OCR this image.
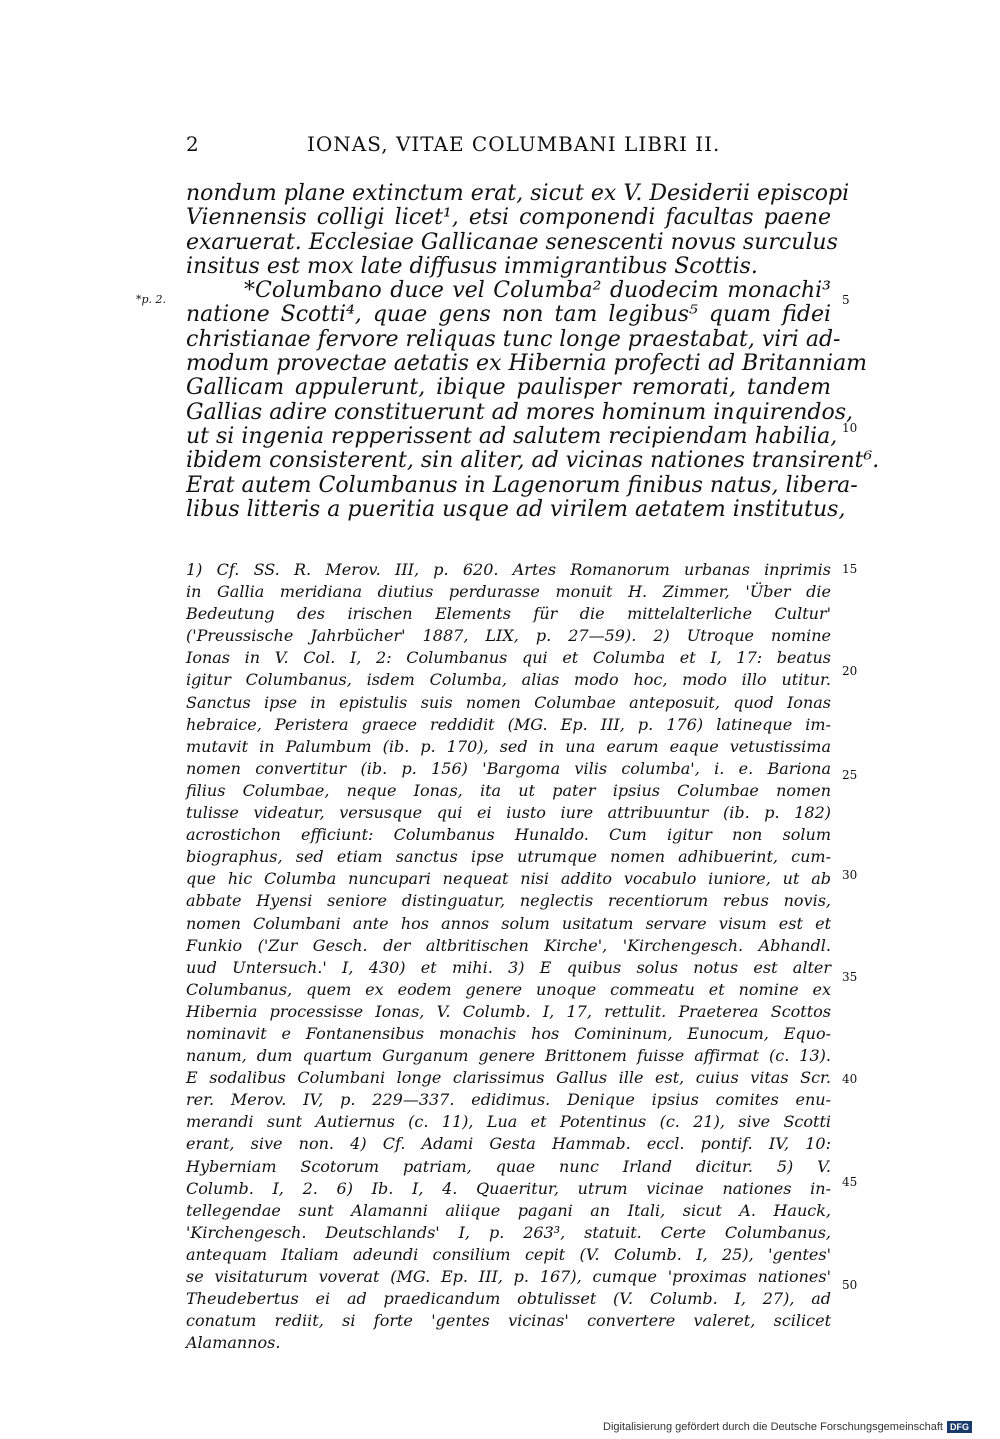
2	IONAS, VITAE COLUMBANI LIBRI II.
*p. 2.
nondum plane extinctum erat, sicut ex V. Desiderii episcopi
Viennensis colligi licet¹, etsi componendi facultas paene
exaruerat. Ecclesiae Gallicanae senescenti novus surculus
insitus est mox late diffusus immigrantibus Scottis.
*Columbano duce vel Columba² duodecim monachi³
natione Scotti⁴, quae gens non tam legibus⁵ quam fidei
christianae fervore reliquas tunc longe praestabat, viri ad-
modum provectae aetatis ex Hibernia profecti ad Britanniam
Gallicam appulerunt, ibique paulisper remorati, tandem
Gallias adire constituerunt ad mores hominum inquirendos,
ut si ingenia repperissent ad salutem recipiendam habilia,
ibidem consisterent, sin aliter, ad vicinas nationes transirent⁶.
Erat autem Columbanus in Lagenorum finibus natus, libera-
libus litteris a pueritia usque ad virilem aetatem institutus,
1) Cf. SS. R. Merov. III, p. 620. Artes Romanorum urbanas inprimis
in Gallia meridiana diutius perdurasse monuit H. Zimmer, 'Über die
Bedeutung des irischen Elements für die mittelalterliche Cultur'
('Preussische Jahrbücher' 1887, LIX, p. 27—59). 2) Utroque nomine
Ionas in V. Col. I, 2: Columbanus qui et Columba et I, 17: beatus
igitur Columbanus, isdem Columba, alias modo hoc, modo illo utitur.
Sanctus ipse in epistulis suis nomen Columbae anteposuit, quod Ionas
hebraice, Peristera graece reddidit (MG. Ep. III, p. 176) latineque im-
mutavit in Palumbum (ib. p. 170), sed in una earum eaque vetustissima
nomen convertitur (ib. p. 156) 'Bargoma vilis columba', i. e. Bariona
filius Columbae, neque Ionas, ita ut pater ipsius Columbae nomen
tulisse videatur, versusque qui ei iusto iure attribuuntur (ib. p. 182)
acrostichon efficiunt: Columbanus Hunaldo. Cum igitur non solum
biographus, sed etiam sanctus ipse utrumque nomen adhibuerint, cum-
que hic Columba nuncupari nequeat nisi addito vocabulo iuniore, ut ab
abbate Hyensi seniore distinguatur, neglectis recentiorum rebus novis,
nomen Columbani ante hos annos solum usitatum servare visum est et
Funkio ('Zur Gesch. der altbritischen Kirche', 'Kirchengesch. Abhandl.
uud Untersuch.' I, 430) et mihi. 3) E quibus solus notus est alter
Columbanus, quem ex eodem genere unoque commeatu et nomine ex
Hibernia processisse Ionas, V. Columb. I, 17, rettulit. Praeterea Scottos
nominavit e Fontanensibus monachis hos Comininum, Eunocum, Equo-
nanum, dum quartum Gurganum genere Brittonem fuisse affirmat (c. 13).
E sodalibus Columbani longe clarissimus Gallus ille est, cuius vitas Scr.
rer. Merov. IV, p. 229—337. edidimus. Denique ipsius comites enu-
merandi sunt Autiernus (c. 11), Lua et Potentinus (c. 21), sive Scotti
erant, sive non. 4) Cf. Adami Gesta Hammab. eccl. pontif. IV, 10:
Hyberniam Scotorum patriam, quae nunc Irland dicitur. 5) V.
Columb. I, 2. 6) Ib. I, 4. Quaeritur, utrum vicinae nationes in-
tellegendae sunt Alamanni aliique pagani an Itali, sicut A. Hauck,
'Kirchengesch. Deutschlands' I, p. 263³, statuit. Certe Columbanus,
antequam Italiam adeundi consilium cepit (V. Columb. I, 25), 'gentes'
se visitaturum voverat (MG. Ep. III, p. 167), cumque 'proximas nationes'
Theudebertus ei ad praedicandum obtulisset (V. Columb. I, 27), ad
conatum rediit, si forte 'gentes vicinas' convertere valeret, scilicet
Alamannos.
5
10
15
20
25
30
35
40
45
50
Digitalisierung gefördert durch die Deutsche Forschungsgemeinschaft DFG
